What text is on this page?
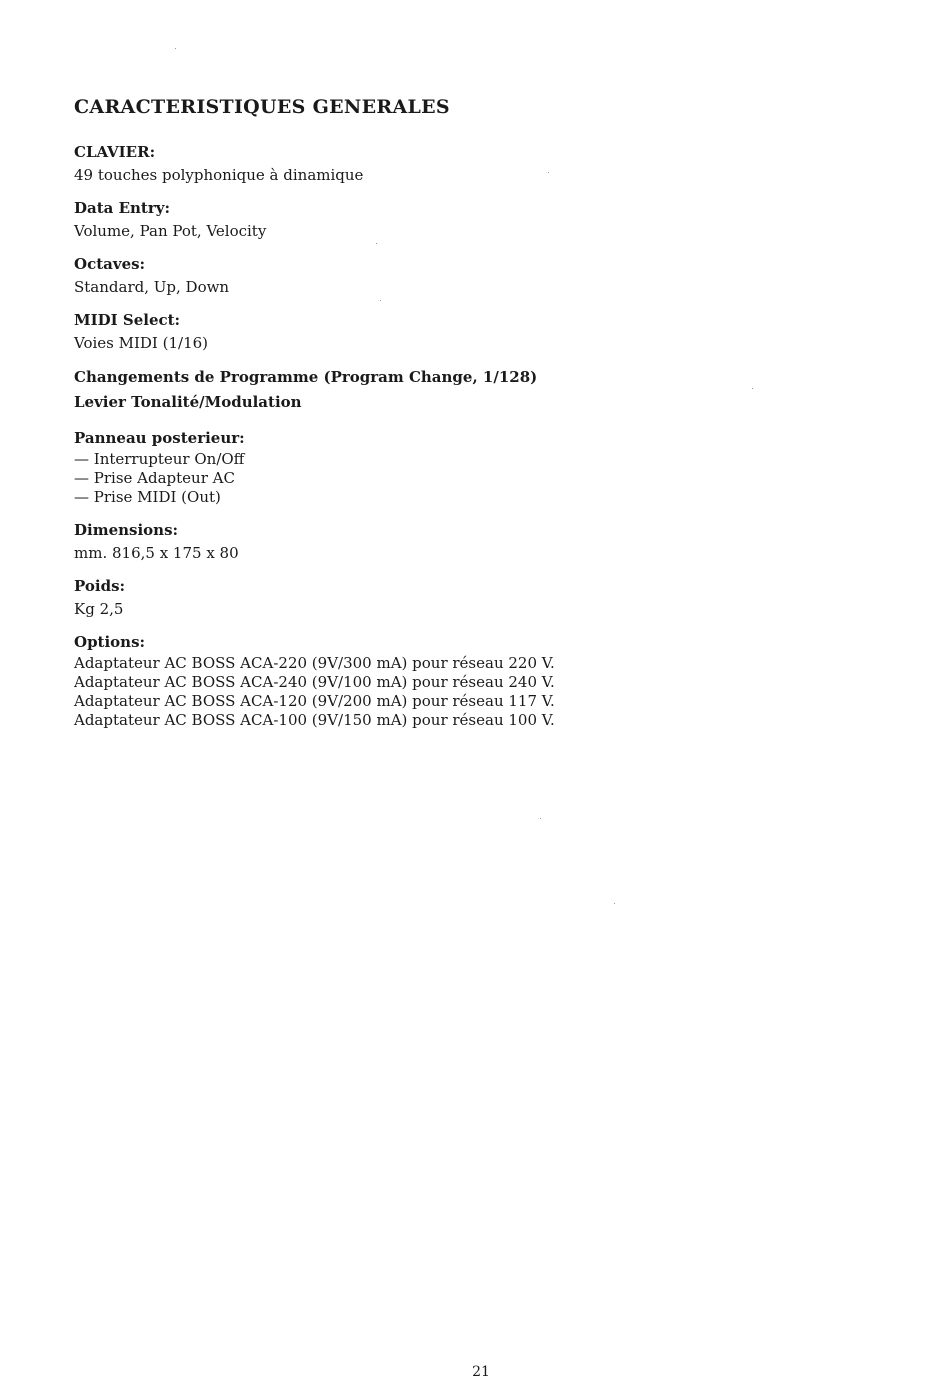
CARACTERISTIQUES GENERALES

CLAVIER:

49 touches polyphonique à dinamique

Data Entry:

Volume, Pan Pot, Velocity

Octaves:

Standard, Up, Down

MIDI Select:

Voies MIDI (1/16)

Changements de Programme (Program Change, 1/128)

Levier Tonalité/Modulation

Panneau posterieur:

— Interrupteur On/Off
— Prise Adapteur AC
— Prise MIDI (Out)

Dimensions:

mm. 816,5 x 175 x 80

Poids:

Kg 2,5

Options:

Adaptateur AC BOSS ACA-220 (9V/300 mA) pour réseau 220 V.
Adaptateur AC BOSS ACA-240 (9V/100 mA) pour réseau 240 V.
Adaptateur AC BOSS ACA-120 (9V/200 mA) pour réseau 117 V.
Adaptateur AC BOSS ACA-100 (9V/150 mA) pour réseau 100 V.
21
